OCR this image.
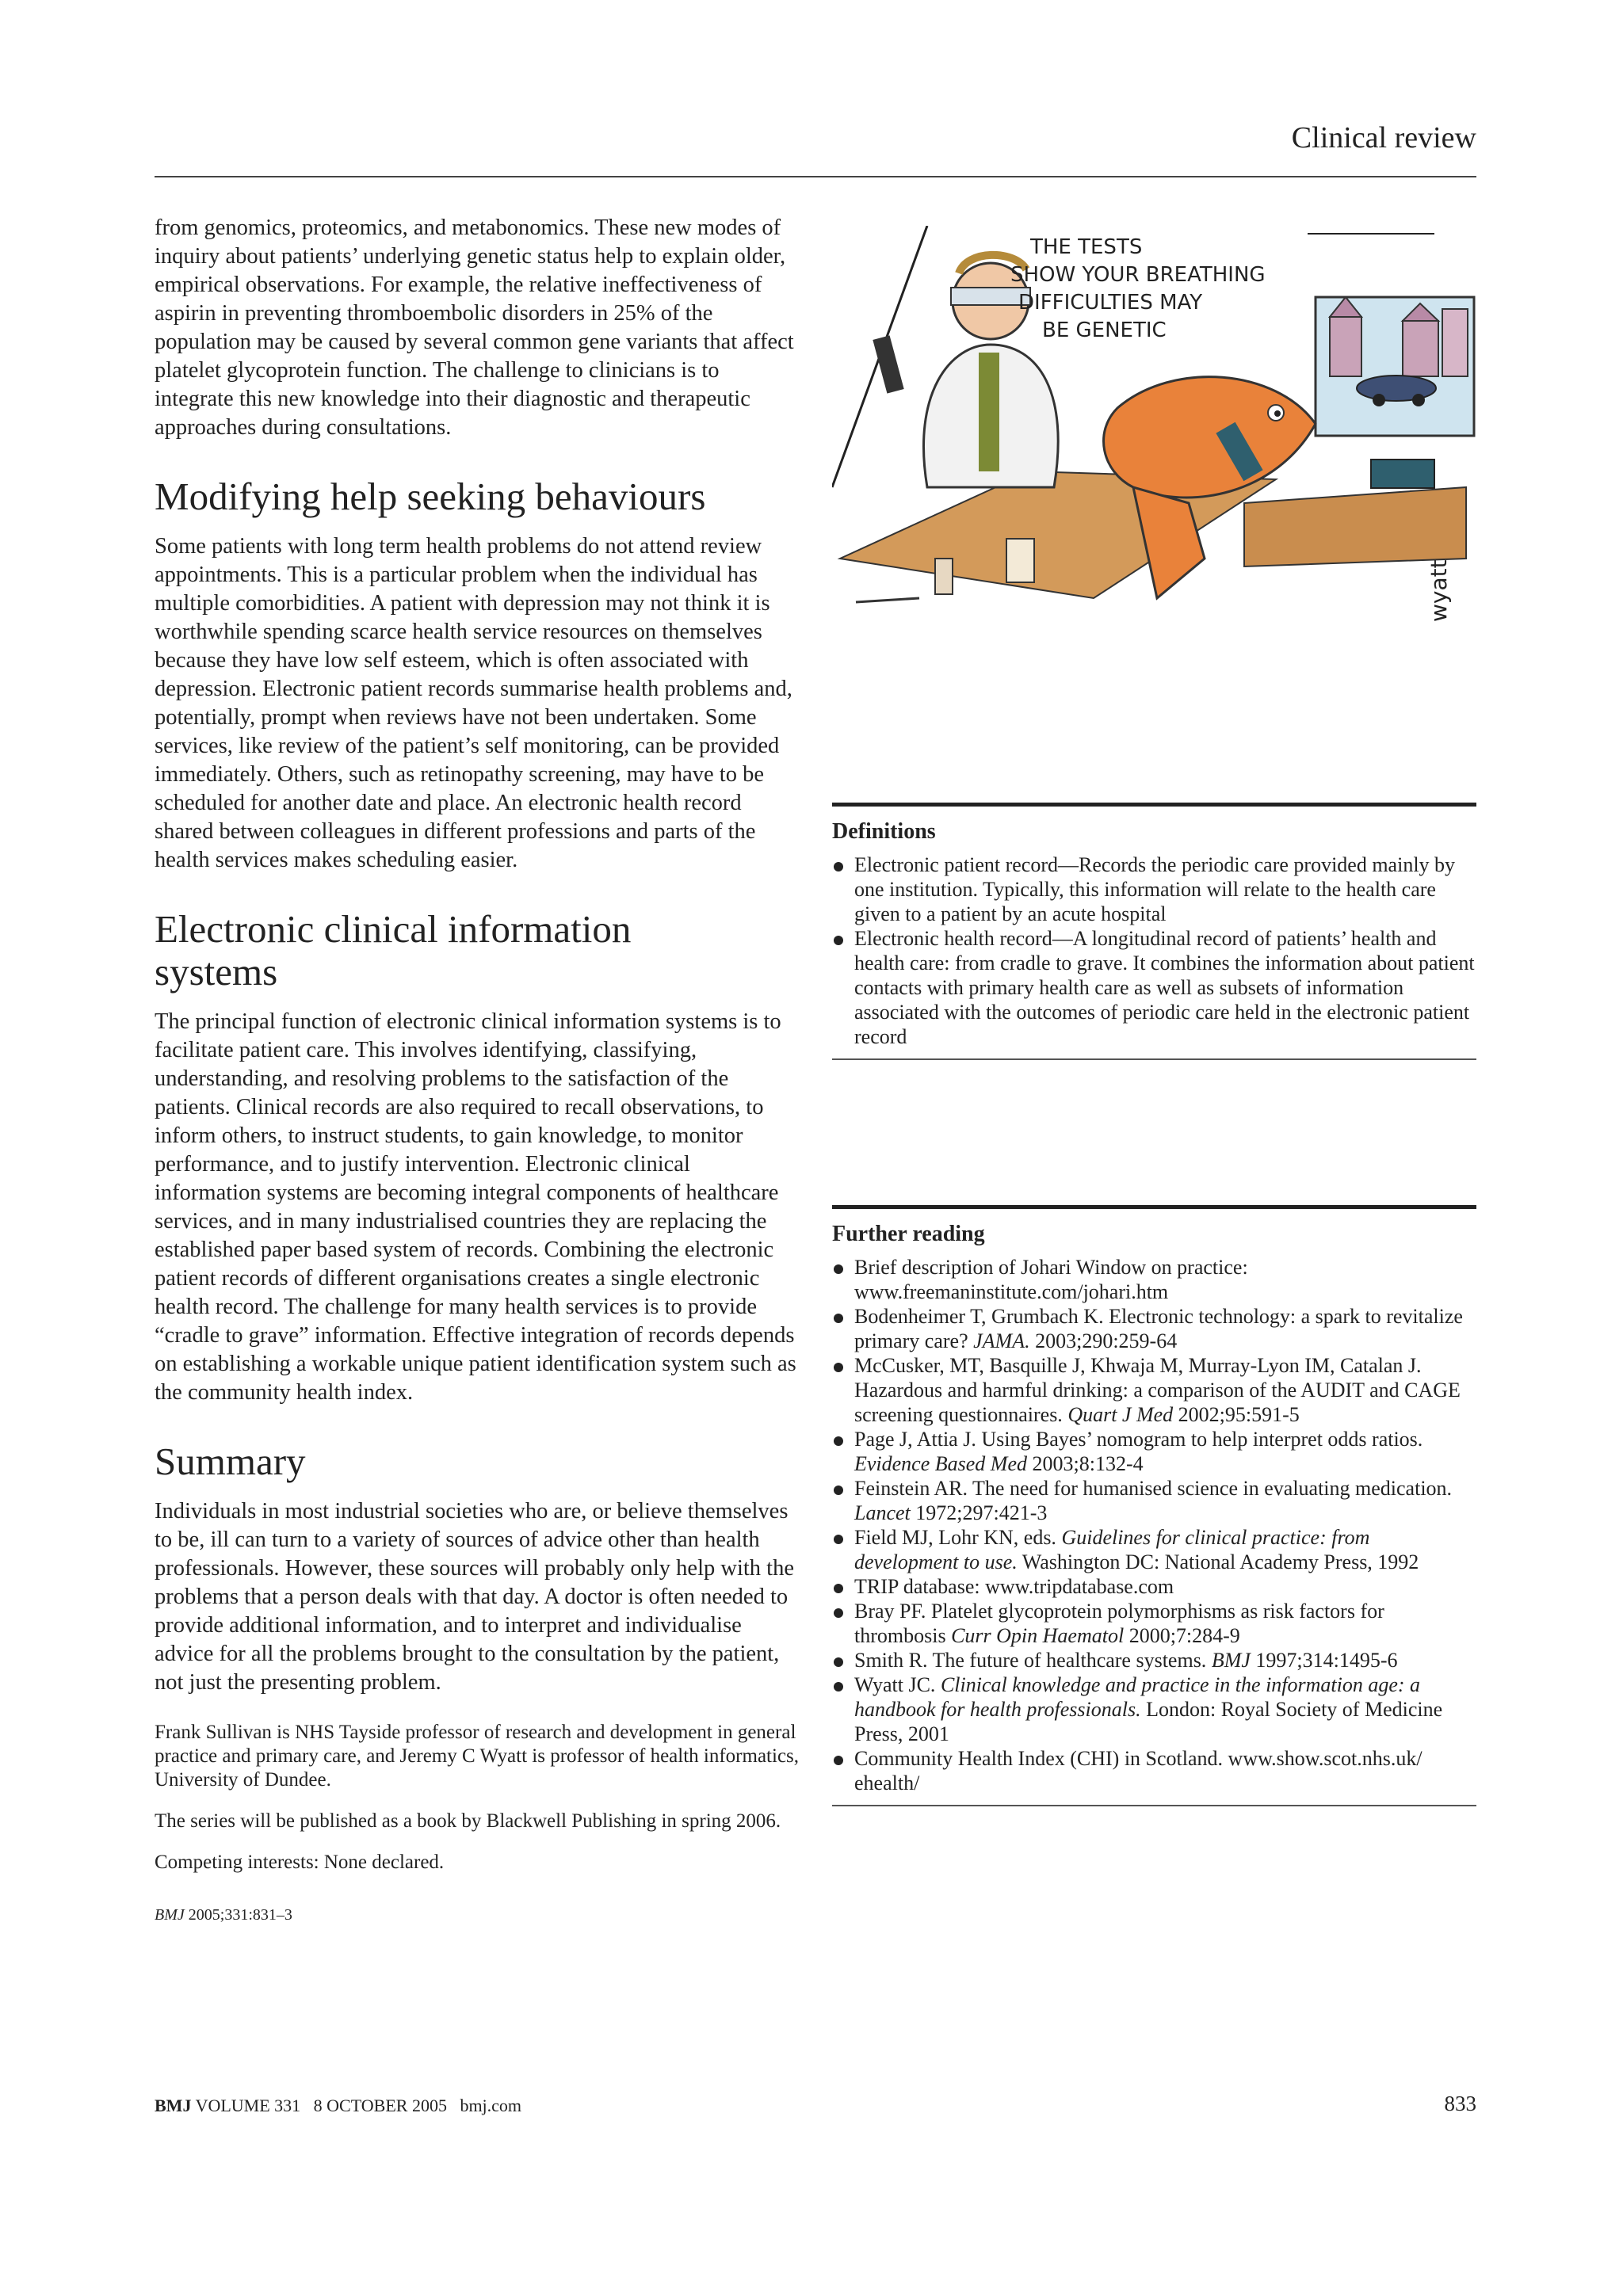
Clinical review

from genomics, proteomics, and metabonomics. These new modes of inquiry about patients’ underlying genetic status help to explain older, empirical observations. For example, the relative ineffectiveness of aspirin in preventing thromboembolic disorders in 25% of the population may be caused by several common gene variants that affect platelet glycoprotein function. The challenge to clinicians is to integrate this new knowledge into their diagnostic and therapeutic approaches during consultations.

Modifying help seeking behaviours

Some patients with long term health problems do not attend review appointments. This is a particular problem when the individual has multiple comorbidities. A patient with depression may not think it is worthwhile spending scarce health service resources on themselves because they have low self esteem, which is often associated with depression. Electronic patient records summarise health problems and, potentially, prompt when reviews have not been undertaken. Some services, like review of the patient’s self monitoring, can be provided immediately. Others, such as retinopathy screening, may have to be scheduled for another date and place. An electronic health record shared between colleagues in different professions and parts of the health services makes scheduling easier.

Electronic clinical information systems

The principal function of electronic clinical information systems is to facilitate patient care. This involves identifying, classifying, understanding, and resolving problems to the satisfaction of the patients. Clinical records are also required to recall observations, to inform others, to instruct students, to gain knowledge, to monitor performance, and to justify intervention. Electronic clinical information systems are becoming integral components of healthcare services, and in many industrialised countries they are replacing the established paper based system of records. Combining the electronic patient records of different organisations creates a single electronic health record. The challenge for many health services is to provide “cradle to grave” information. Effective integration of records depends on establishing a workable unique patient identification system such as the community health index.

Summary

Individuals in most industrial societies who are, or believe themselves to be, ill can turn to a variety of sources of advice other than health professionals. However, these sources will probably only help with the problems that a person deals with that day. A doctor is often needed to provide additional information, and to interpret and individualise advice for all the problems brought to the consultation by the patient, not just the presenting problem.

Frank Sullivan is NHS Tayside professor of research and development in general practice and primary care, and Jeremy C Wyatt is professor of health informatics, University of Dundee.

The series will be published as a book by Blackwell Publishing in spring 2006.

Competing interests: None declared.

BMJ 2005;331:831–3

THE TESTS
SHOW YOUR BREATHING
DIFFICULTIES MAY
BE GENETIC
wyatt
Definitions
Electronic patient record—Records the periodic care provided mainly by one institution. Typically, this information will relate to the health care given to a patient by an acute hospital
Electronic health record—A longitudinal record of patients’ health and health care: from cradle to grave. It combines the information about patient contacts with primary health care as well as subsets of information associated with the outcomes of periodic care held in the electronic patient record
Further reading
Brief description of Johari Window on practice: www.freemaninstitute.com/johari.htm
Bodenheimer T, Grumbach K. Electronic technology: a spark to revitalize primary care? JAMA. 2003;290:259-64
McCusker, MT, Basquille J, Khwaja M, Murray-Lyon IM, Catalan J. Hazardous and harmful drinking: a comparison of the AUDIT and CAGE screening questionnaires. Quart J Med 2002;95:591-5
Page J, Attia J. Using Bayes’ nomogram to help interpret odds ratios. Evidence Based Med 2003;8:132-4
Feinstein AR. The need for humanised science in evaluating medication. Lancet 1972;297:421-3
Field MJ, Lohr KN, eds. Guidelines for clinical practice: from development to use. Washington DC: National Academy Press, 1992
TRIP database: www.tripdatabase.com
Bray PF. Platelet glycoprotein polymorphisms as risk factors for thrombosis Curr Opin Haematol 2000;7:284-9
Smith R. The future of healthcare systems. BMJ 1997;314:1495-6
Wyatt JC. Clinical knowledge and practice in the information age: a handbook for health professionals. London: Royal Society of Medicine Press, 2001
Community Health Index (CHI) in Scotland. www.show.scot.nhs.uk/ ehealth/
BMJ VOLUME 331   8 OCTOBER 2005   bmj.com	833
